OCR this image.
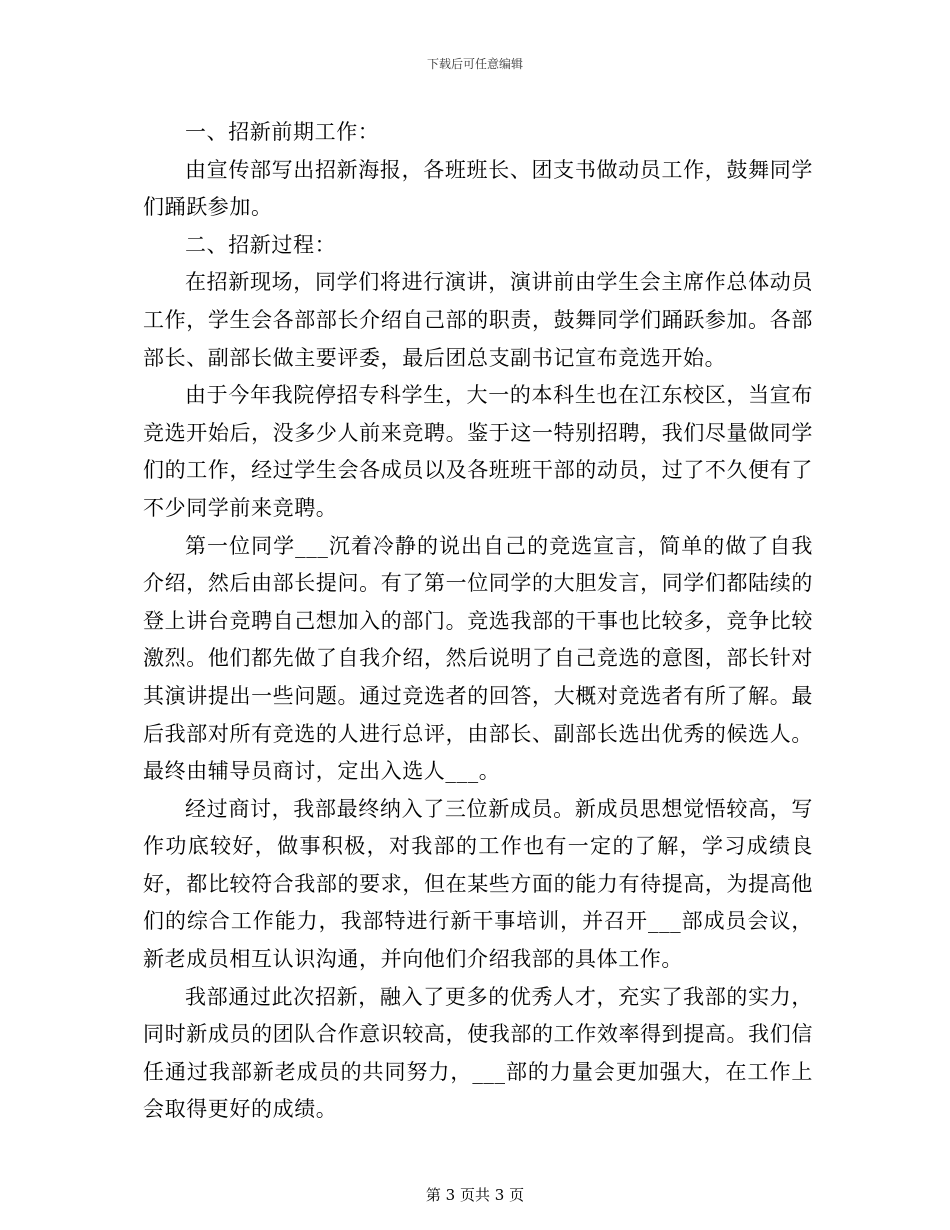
下载后可任意编辑

一、招新前期工作：

由宣传部写出招新海报，各班班长、团支书做动员工作，鼓舞同学们踊跃参加。

二、招新过程：

在招新现场，同学们将进行演讲，演讲前由学生会主席作总体动员工作，学生会各部部长介绍自己部的职责，鼓舞同学们踊跃参加。各部部长、副部长做主要评委，最后团总支副书记宣布竞选开始。

由于今年我院停招专科学生，大一的本科生也在江东校区，当宣布竞选开始后，没多少人前来竞聘。鉴于这一特别招聘，我们尽量做同学们的工作，经过学生会各成员以及各班班干部的动员，过了不久便有了不少同学前来竞聘。

第一位同学___沉着冷静的说出自己的竞选宣言，简单的做了自我介绍，然后由部长提问。有了第一位同学的大胆发言，同学们都陆续的登上讲台竞聘自己想加入的部门。竞选我部的干事也比较多，竞争比较激烈。他们都先做了自我介绍，然后说明了自己竞选的意图，部长针对其演讲提出一些问题。通过竞选者的回答，大概对竞选者有所了解。最后我部对所有竞选的人进行总评，由部长、副部长选出优秀的候选人。最终由辅导员商讨，定出入选人___。

经过商讨，我部最终纳入了三位新成员。新成员思想觉悟较高，写作功底较好，做事积极，对我部的工作也有一定的了解，学习成绩良好，都比较符合我部的要求，但在某些方面的能力有待提高，为提高他们的综合工作能力，我部特进行新干事培训，并召开___部成员会议，新老成员相互认识沟通，并向他们介绍我部的具体工作。

我部通过此次招新，融入了更多的优秀人才，充实了我部的实力，同时新成员的团队合作意识较高，使我部的工作效率得到提高。我们信任通过我部新老成员的共同努力，___部的力量会更加强大，在工作上会取得更好的成绩。

第 3 页共 3 页
